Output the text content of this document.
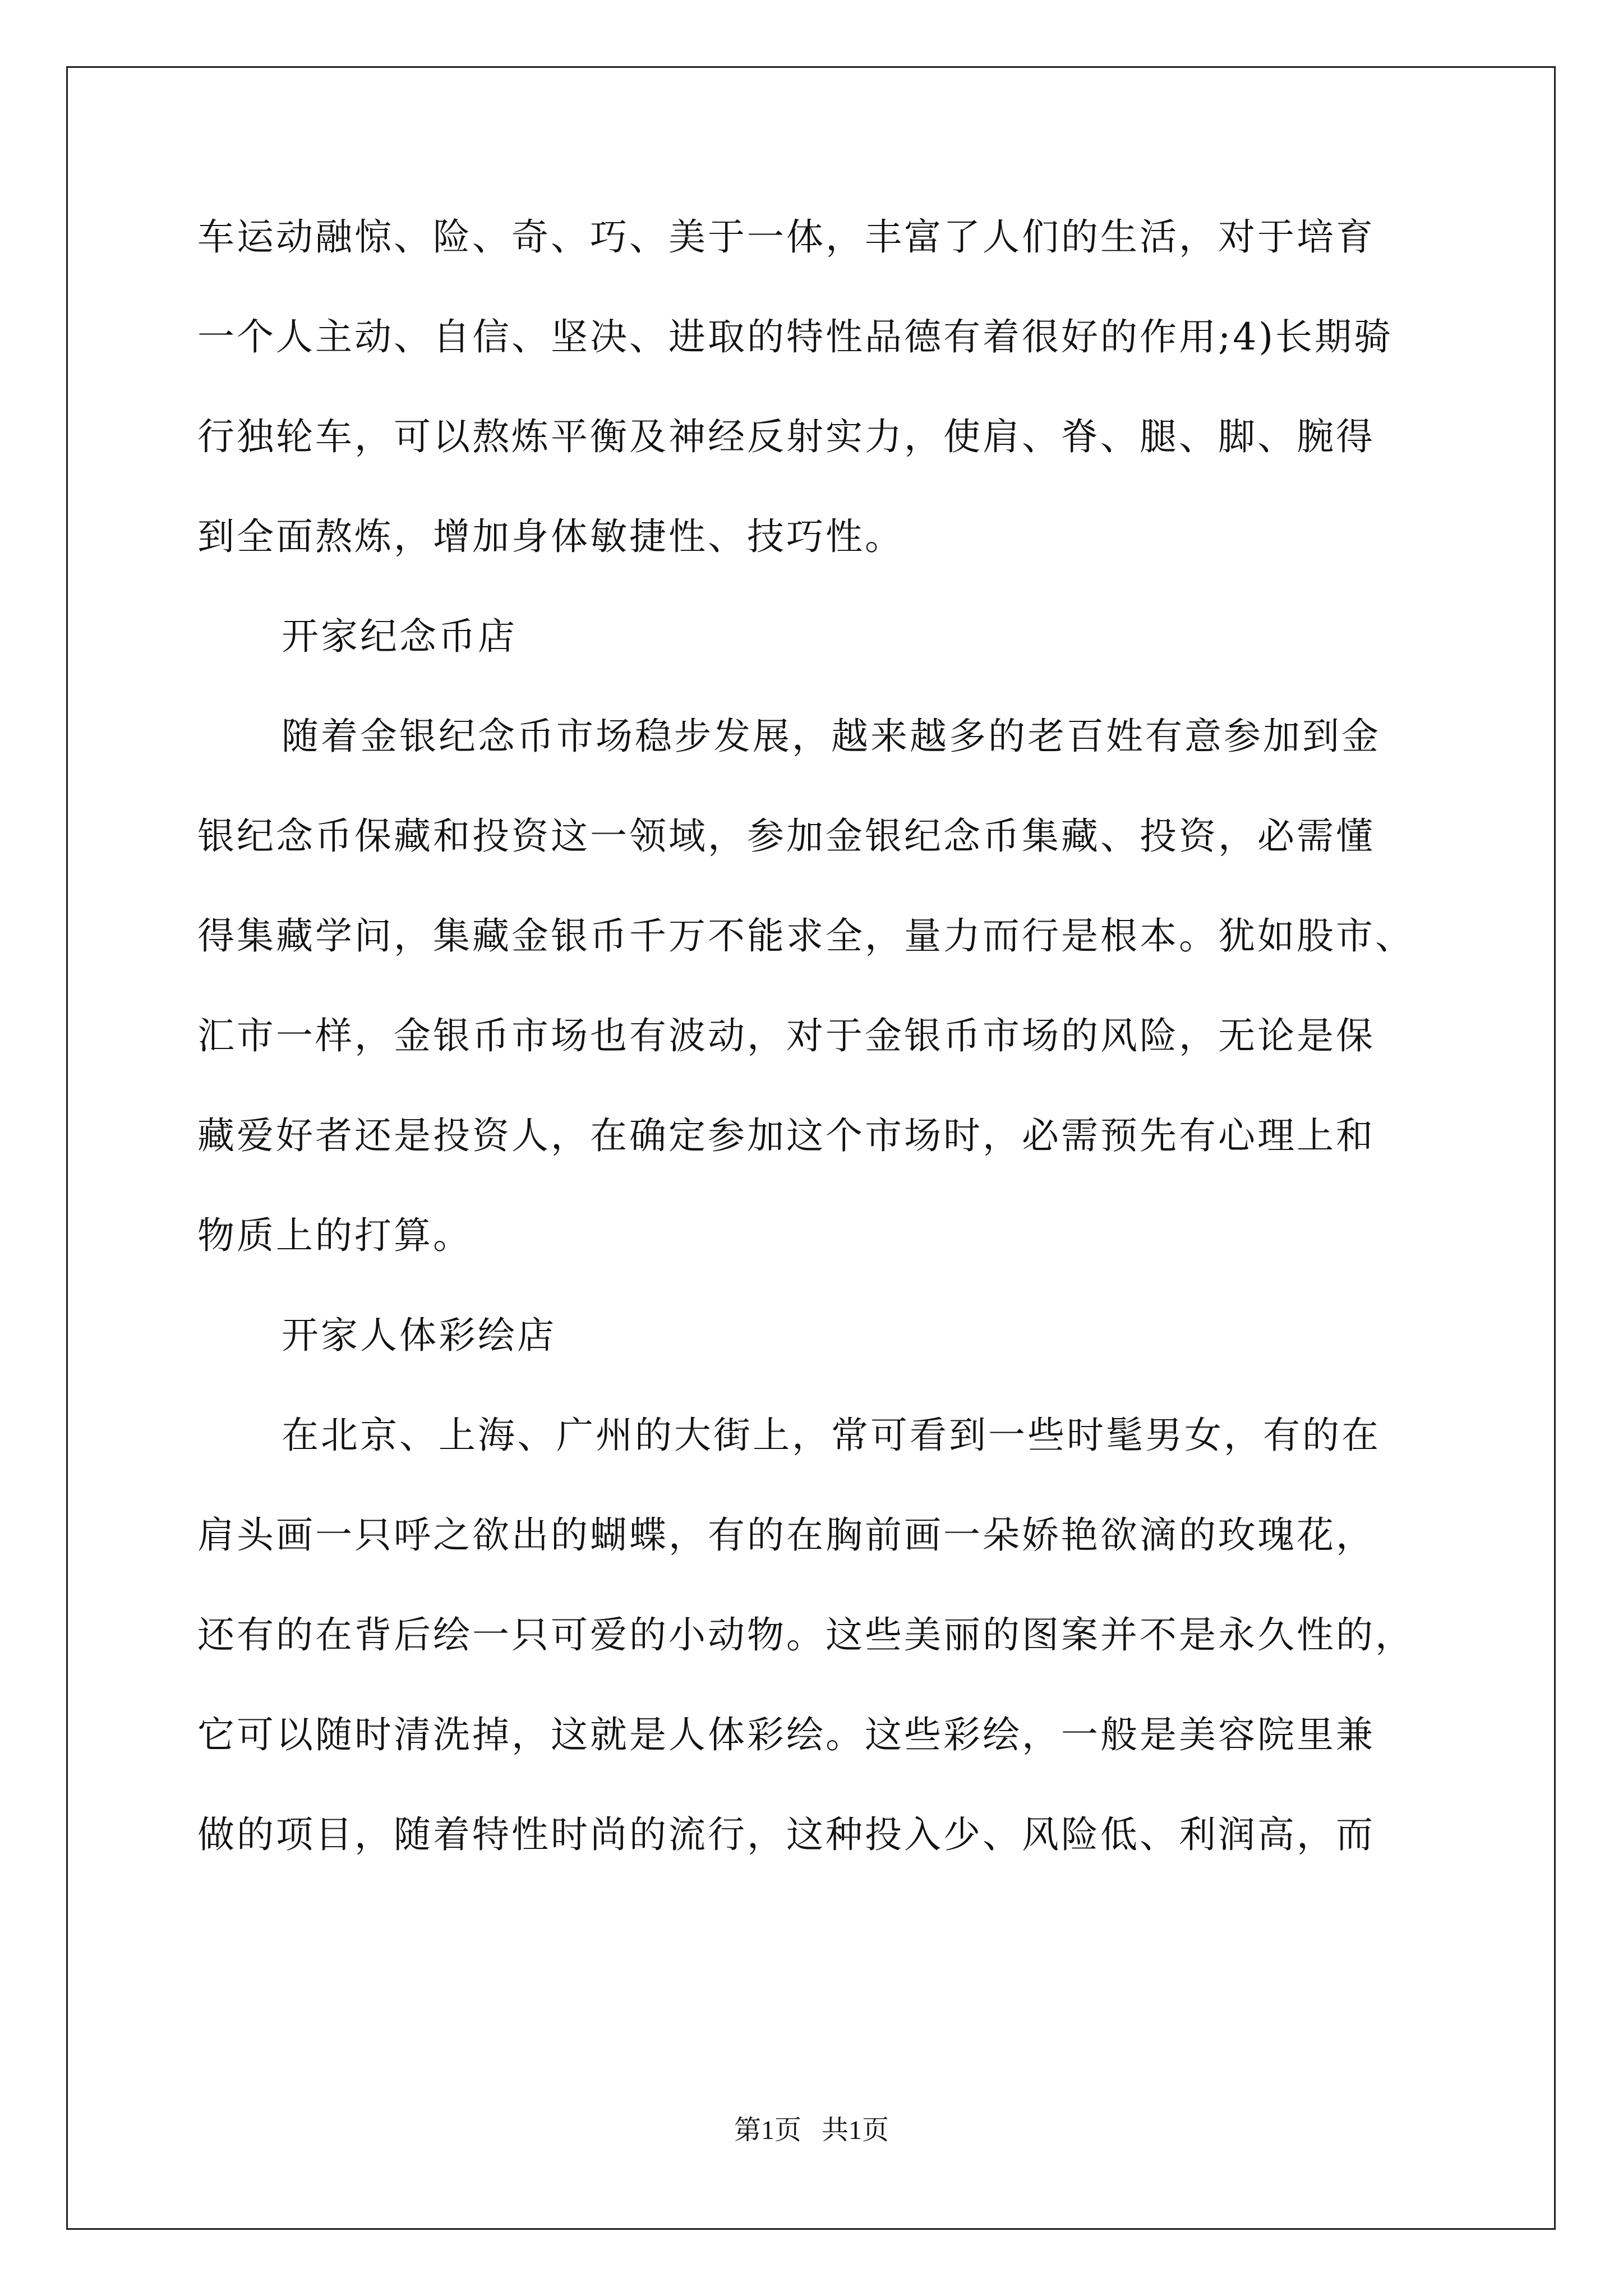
车运动融惊、险、奇、巧、美于一体，丰富了人们的生活，对于培育
一个人主动、自信、坚决、进取的特性品德有着很好的作用;4)长期骑
行独轮车，可以熬炼平衡及神经反射实力，使肩、脊、腿、脚、腕得
到全面熬炼，增加身体敏捷性、技巧性。
开家纪念币店
随着金银纪念币市场稳步发展，越来越多的老百姓有意参加到金
银纪念币保藏和投资这一领域，参加金银纪念币集藏、投资，必需懂
得集藏学问，集藏金银币千万不能求全，量力而行是根本。犹如股市、
汇市一样，金银币市场也有波动，对于金银币市场的风险，无论是保
藏爱好者还是投资人，在确定参加这个市场时，必需预先有心理上和
物质上的打算。
开家人体彩绘店
在北京、上海、广州的大街上，常可看到一些时髦男女，有的在
肩头画一只呼之欲出的蝴蝶，有的在胸前画一朵娇艳欲滴的玫瑰花，
还有的在背后绘一只可爱的小动物。这些美丽的图案并不是永久性的，
它可以随时清洗掉，这就是人体彩绘。这些彩绘，一般是美容院里兼
做的项目，随着特性时尚的流行，这种投入少、风险低、利润高，而
第1页   共1页
